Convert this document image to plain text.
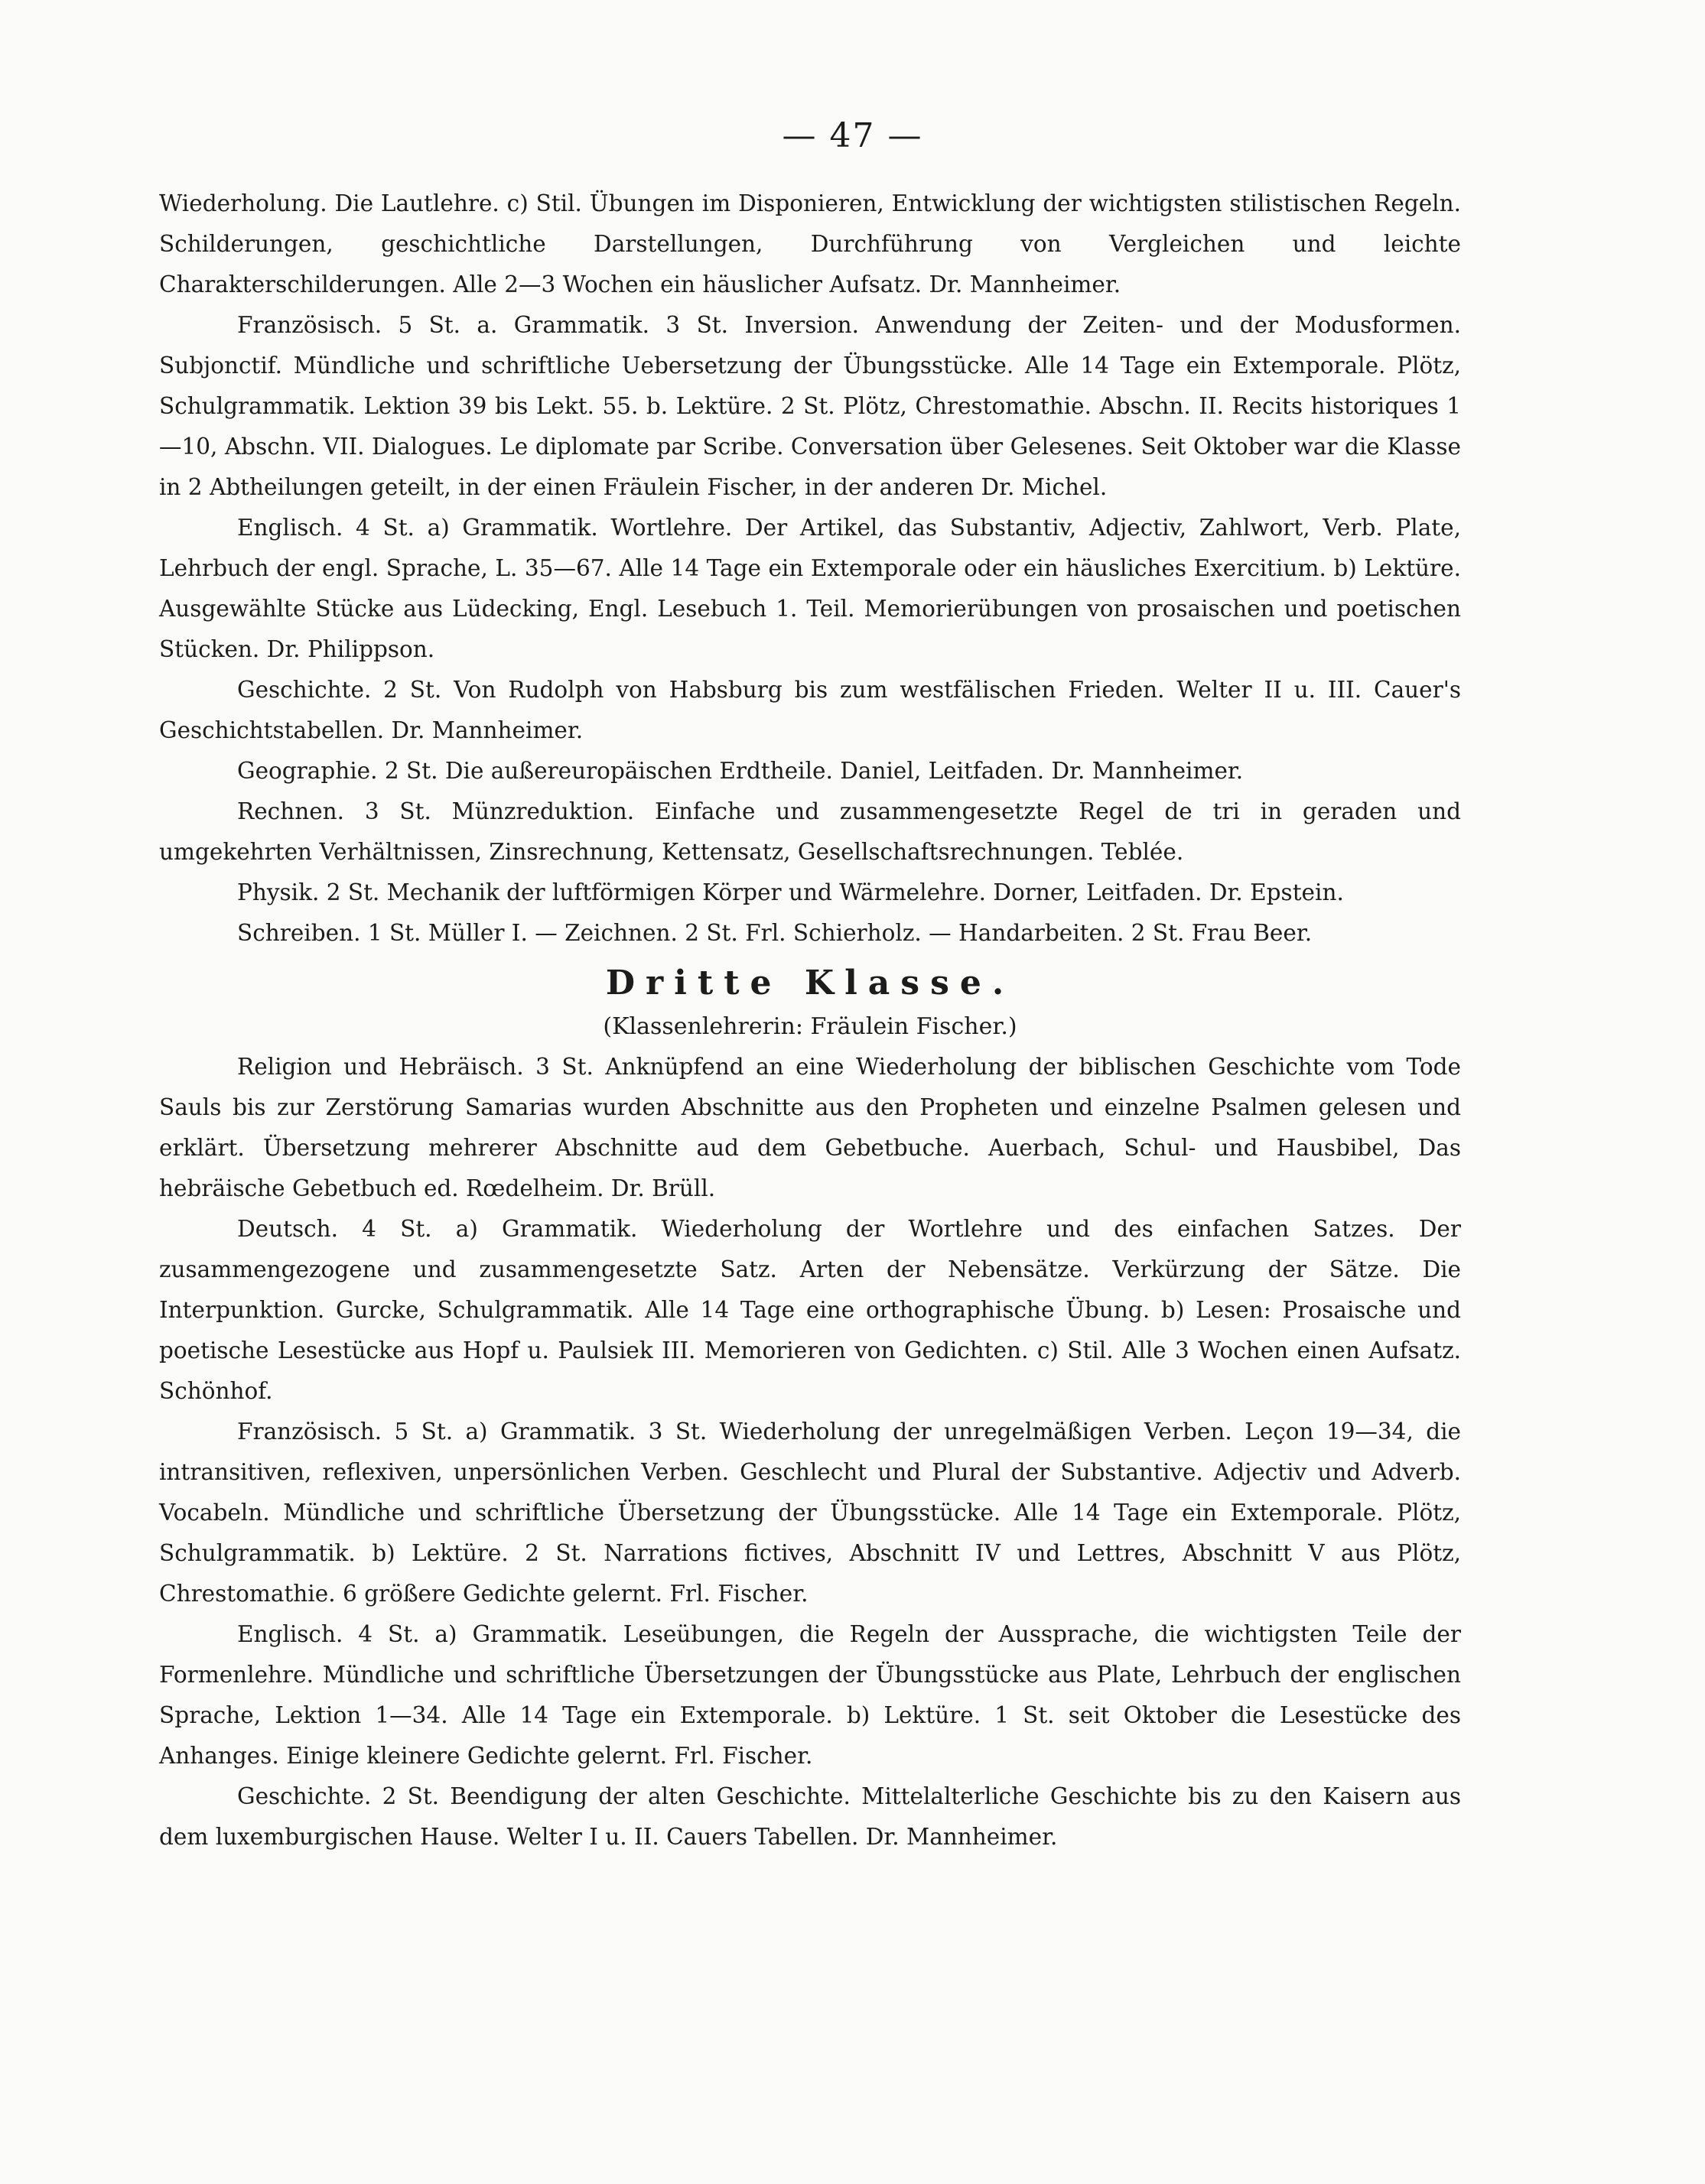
— 47 —

Wiederholung. Die Lautlehre. c) Stil. Übungen im Disponieren, Entwicklung der wichtigsten stilistischen Regeln. Schilderungen, geschichtliche Darstellungen, Durchführung von Vergleichen und leichte Charakterschilderungen. Alle 2—3 Wochen ein häuslicher Aufsatz. Dr. Mannheimer.

Französisch. 5 St. a. Grammatik. 3 St. Inversion. Anwendung der Zeiten- und der Modusformen. Subjonctif. Mündliche und schriftliche Uebersetzung der Übungsstücke. Alle 14 Tage ein Extemporale. Plötz, Schulgrammatik. Lektion 39 bis Lekt. 55. b. Lektüre. 2 St. Plötz, Chrestomathie. Abschn. II. Recits historiques 1—10, Abschn. VII. Dialogues. Le diplomate par Scribe. Conversation über Gelesenes. Seit Oktober war die Klasse in 2 Abtheilungen geteilt, in der einen Fräulein Fischer, in der anderen Dr. Michel.

Englisch. 4 St. a) Grammatik. Wortlehre. Der Artikel, das Substantiv, Adjectiv, Zahlwort, Verb. Plate, Lehrbuch der engl. Sprache, L. 35—67. Alle 14 Tage ein Extemporale oder ein häusliches Exercitium. b) Lektüre. Ausgewählte Stücke aus Lüdecking, Engl. Lesebuch 1. Teil. Memorierübungen von prosaischen und poetischen Stücken. Dr. Philippson.

Geschichte. 2 St. Von Rudolph von Habsburg bis zum westfälischen Frieden. Welter II u. III. Cauer's Geschichtstabellen. Dr. Mannheimer.

Geographie. 2 St. Die außereuropäischen Erdtheile. Daniel, Leitfaden. Dr. Mannheimer.

Rechnen. 3 St. Münzreduktion. Einfache und zusammengesetzte Regel de tri in geraden und umgekehrten Verhältnissen, Zinsrechnung, Kettensatz, Gesellschaftsrechnungen. Teblée.

Physik. 2 St. Mechanik der luftförmigen Körper und Wärmelehre. Dorner, Leitfaden. Dr. Epstein.

Schreiben. 1 St. Müller I. — Zeichnen. 2 St. Frl. Schierholz. — Handarbeiten. 2 St. Frau Beer.

Dritte Klasse.
(Klassenlehrerin: Fräulein Fischer.)

Religion und Hebräisch. 3 St. Anknüpfend an eine Wiederholung der biblischen Geschichte vom Tode Sauls bis zur Zerstörung Samarias wurden Abschnitte aus den Propheten und einzelne Psalmen gelesen und erklärt. Übersetzung mehrerer Abschnitte aud dem Gebetbuche. Auerbach, Schul- und Hausbibel, Das hebräische Gebetbuch ed. Rœdelheim. Dr. Brüll.

Deutsch. 4 St. a) Grammatik. Wiederholung der Wortlehre und des einfachen Satzes. Der zusammengezogene und zusammengesetzte Satz. Arten der Nebensätze. Verkürzung der Sätze. Die Interpunktion. Gurcke, Schulgrammatik. Alle 14 Tage eine orthographische Übung. b) Lesen: Prosaische und poetische Lesestücke aus Hopf u. Paulsiek III. Memorieren von Gedichten. c) Stil. Alle 3 Wochen einen Aufsatz. Schönhof.

Französisch. 5 St. a) Grammatik. 3 St. Wiederholung der unregelmäßigen Verben. Leçon 19—34, die intransitiven, reflexiven, unpersönlichen Verben. Geschlecht und Plural der Substantive. Adjectiv und Adverb. Vocabeln. Mündliche und schriftliche Übersetzung der Übungsstücke. Alle 14 Tage ein Extemporale. Plötz, Schulgrammatik. b) Lektüre. 2 St. Narrations fictives, Abschnitt IV und Lettres, Abschnitt V aus Plötz, Chrestomathie. 6 größere Gedichte gelernt. Frl. Fischer.

Englisch. 4 St. a) Grammatik. Leseübungen, die Regeln der Aussprache, die wichtigsten Teile der Formenlehre. Mündliche und schriftliche Übersetzungen der Übungsstücke aus Plate, Lehrbuch der englischen Sprache, Lektion 1—34. Alle 14 Tage ein Extemporale. b) Lektüre. 1 St. seit Oktober die Lesestücke des Anhanges. Einige kleinere Gedichte gelernt. Frl. Fischer.

Geschichte. 2 St. Beendigung der alten Geschichte. Mittelalterliche Geschichte bis zu den Kaisern aus dem luxemburgischen Hause. Welter I u. II. Cauers Tabellen. Dr. Mannheimer.
